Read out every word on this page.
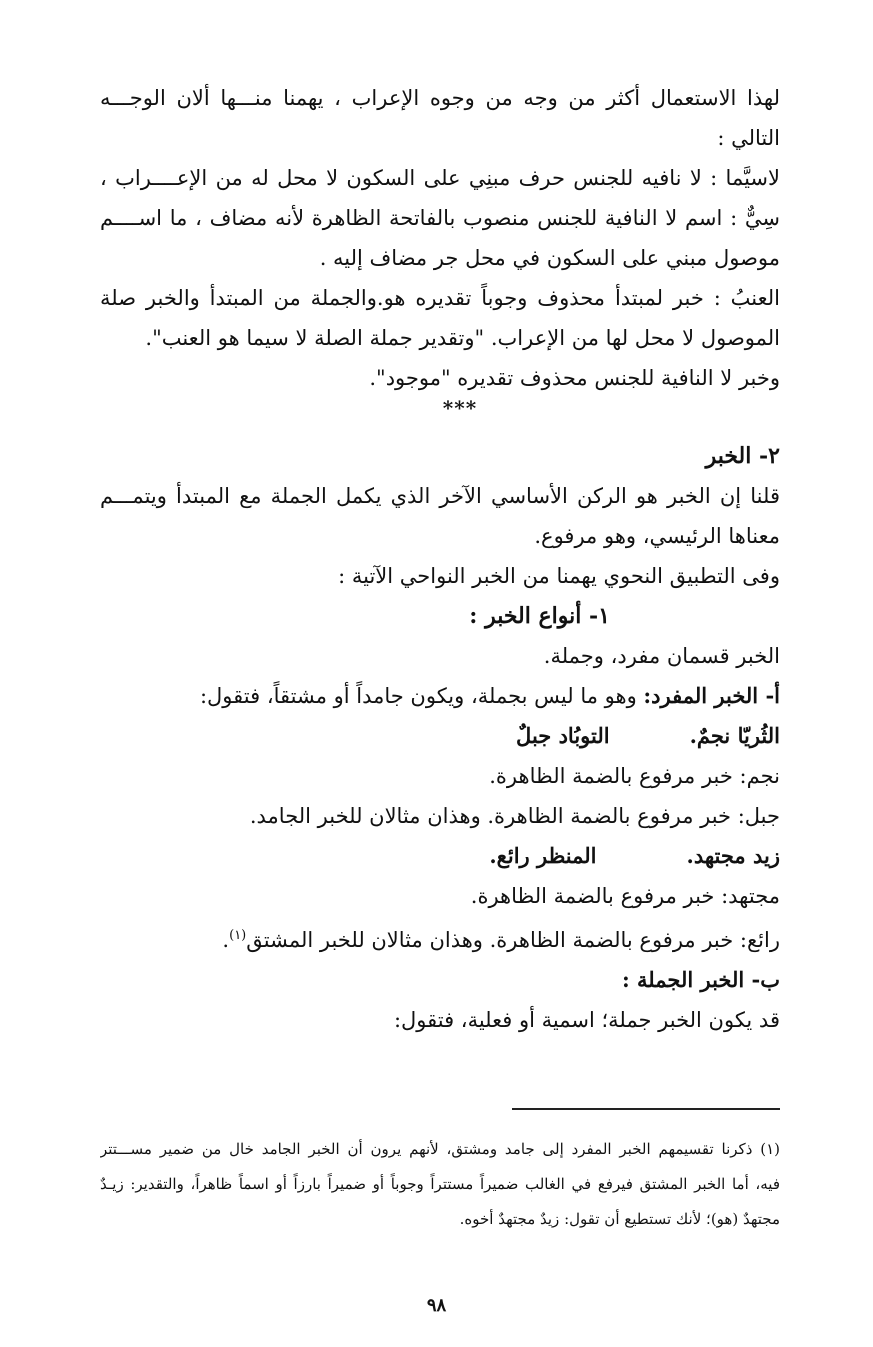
لهذا الاستعمال أكثر من وجه من وجوه الإعراب ، يهمنا منـــها ألان الوجـــه
التالي :
لاسيَّما : لا نافيه للجنس حرف مبنِي على السكون لا محل له من الإعــــراب ،
سِيٌّ : اسم لا النافية للجنس منصوب بالفاتحة الظاهرة لأنه مضاف ، ما اســــم
موصول مبني على السكون في محل جر مضاف إليه .
العنبُ : خبر لمبتدأ محذوف وجوباً تقديره هو.والجملة من المبتدأ والخبر صلة
الموصول لا محل لها من الإعراب. "وتقدير جملة الصلة لا سيما هو العنب".
وخبر لا النافية للجنس محذوف تقديره "موجود".
***
٢- الخبر
قلنا إن الخبر هو الركن الأساسي الآخر الذي يكمل الجملة مع المبتدأ ويتمـــم
معناها الرئيسي، وهو مرفوع.
وفى التطبيق النحوي يهمنا من الخبر النواحي الآتية :
١- أنواع الخبر :
الخبر قسمان مفرد، وجملة.
أ- الخبر المفرد: وهو ما ليس بجملة، ويكون جامداً أو مشتقاً، فتقول:
الثُريّا نجمٌ.التوبُاد جبلٌ
نجم: خبر مرفوع بالضمة الظاهرة.
جبل: خبر مرفوع بالضمة الظاهرة. وهذان مثالان للخبر الجامد.
زيد مجتهد.المنظر رائع.
مجتهد: خبر مرفوع بالضمة الظاهرة.
رائع: خبر مرفوع بالضمة الظاهرة. وهذان مثالان للخبر المشتق$^{(١)}$.
ب- الخبر الجملة :
قد يكون الخبر جملة؛ اسمية أو فعلية، فتقول:
(١) ذكرنا تقسيمهم الخبر المفرد إلى جامد ومشتق، لأنهم يرون أن الخبر الجامد خال من ضمير مســـتتر
فيه، أما الخبر المشتق فيرفع في الغالب ضميراً مستتراً وجوباً أو ضميراً بارزاً أو اسماً ظاهراً، والتقدير: زيـدٌ
مجتهدٌ (هو)؛ لأنك تستطيع أن تقول: زيدٌ مجتهدٌ أخوه.
٩٨
